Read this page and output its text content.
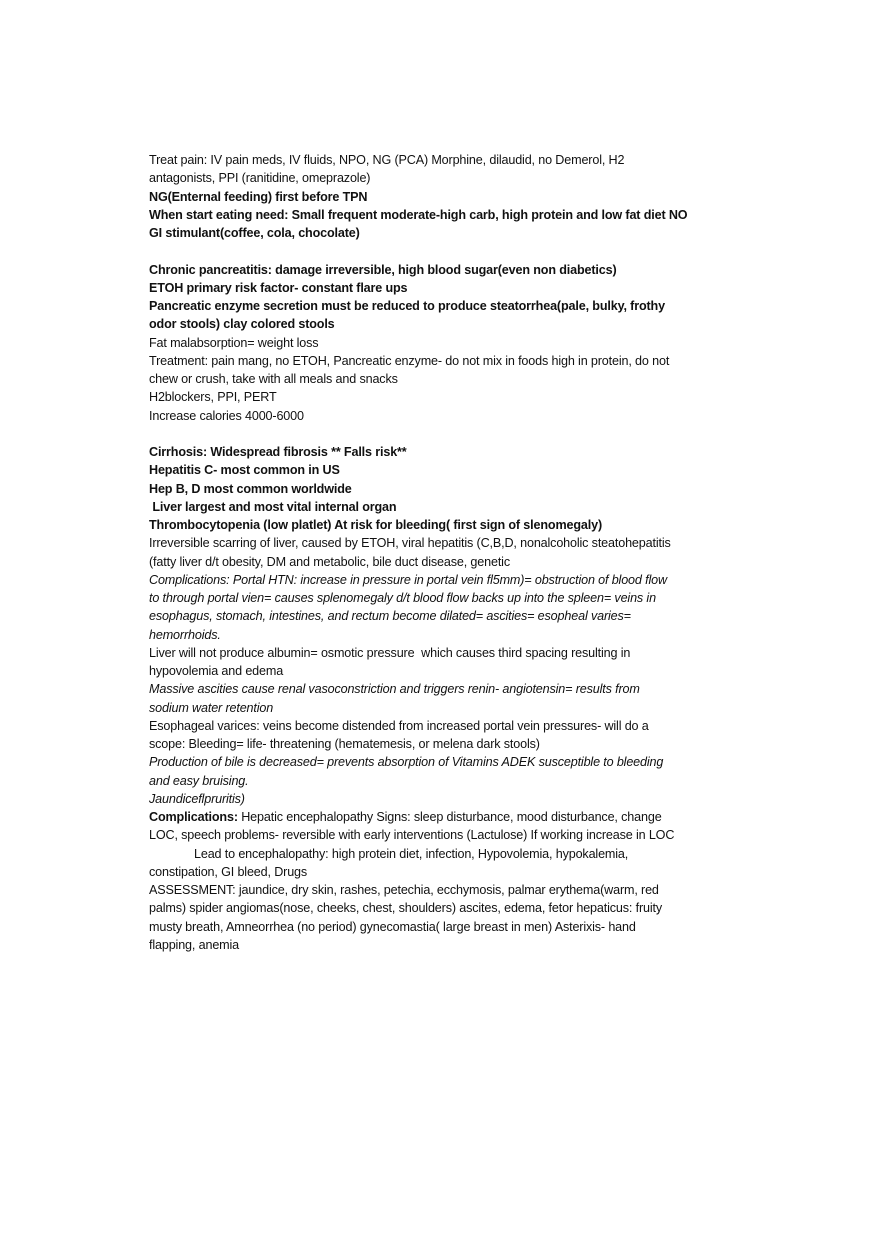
Treat pain: IV pain meds, IV fluids, NPO, NG (PCA) Morphine, dilaudid, no Demerol, H2
antagonists, PPI (ranitidine, omeprazole)
NG(Enternal feeding) first before TPN
When start eating need: Small frequent moderate-high carb, high protein and low fat diet NO
GI stimulant(coffee, cola, chocolate)
Chronic pancreatitis: damage irreversible, high blood sugar(even non diabetics)
ETOH primary risk factor- constant flare ups
Pancreatic enzyme secretion must be reduced to produce steatorrhea(pale, bulky, frothy
odor stools) clay colored stools
Fat malabsorption= weight loss
Treatment: pain mang, no ETOH, Pancreatic enzyme- do not mix in foods high in protein, do not
chew or crush, take with all meals and snacks
H2blockers, PPI, PERT
Increase calories 4000-6000
Cirrhosis: Widespread fibrosis ** Falls risk**
Hepatitis C- most common in US
Hep B, D most common worldwide
Liver largest and most vital internal organ
Thrombocytopenia (low platlet) At risk for bleeding( first sign of slenomegaly)
Irreversible scarring of liver, caused by ETOH, viral hepatitis (C,B,D, nonalcoholic steatohepatitis
(fatty liver d/t obesity, DM and metabolic, bile duct disease, genetic
Complications: Portal HTN: increase in pressure in portal vein fl5mm)= obstruction of blood flow
to through portal vien= causes splenomegaly d/t blood flow backs up into the spleen= veins in
esophagus, stomach, intestines, and rectum become dilated= ascities= esopheal varies=
hemorrhoids.
Liver will not produce albumin= osmotic pressure  which causes third spacing resulting in
hypovolemia and edema
Massive ascities cause renal vasoconstriction and triggers renin- angiotensin= results from
sodium water retention
Esophageal varices: veins become distended from increased portal vein pressures- will do a
scope: Bleeding= life- threatening (hematemesis, or melena dark stools)
Production of bile is decreased= prevents absorption of Vitamins ADEK susceptible to bleeding
and easy bruising.
Jaundiceflpruritis)
Complications: Hepatic encephalopathy Signs: sleep disturbance, mood disturbance, change
LOC, speech problems- reversible with early interventions (Lactulose) If working increase in LOC
Lead to encephalopathy: high protein diet, infection, Hypovolemia, hypokalemia,
constipation, GI bleed, Drugs
ASSESSMENT: jaundice, dry skin, rashes, petechia, ecchymosis, palmar erythema(warm, red
palms) spider angiomas(nose, cheeks, chest, shoulders) ascites, edema, fetor hepaticus: fruity
musty breath, Amneorrhea (no period) gynecomastia( large breast in men) Asterixis- hand
flapping, anemia
